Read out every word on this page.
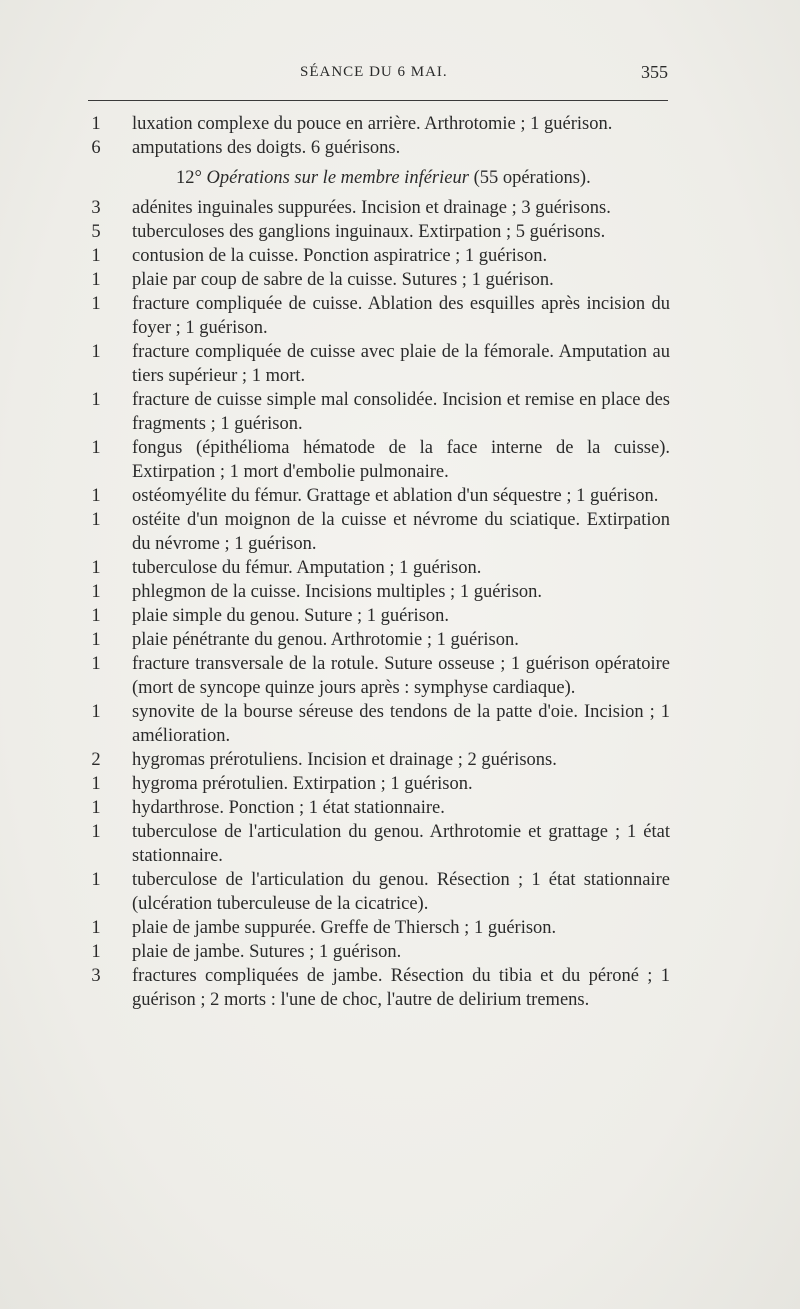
SÉANCE DU 6 MAI.	355

1 luxation complexe du pouce en arrière. Arthrotomie ; 1 guérison.

6 amputations des doigts. 6 guérisons.

12° Opérations sur le membre inférieur (55 opérations).

3 adénites inguinales suppurées. Incision et drainage ; 3 guérisons.

5 tuberculoses des ganglions inguinaux. Extirpation ; 5 guérisons.

1 contusion de la cuisse. Ponction aspiratrice ; 1 guérison.

1 plaie par coup de sabre de la cuisse. Sutures ; 1 guérison.

1 fracture compliquée de cuisse. Ablation des esquilles après incision du foyer ; 1 guérison.

1 fracture compliquée de cuisse avec plaie de la fémorale. Amputation au tiers supérieur ; 1 mort.

1 fracture de cuisse simple mal consolidée. Incision et remise en place des fragments ; 1 guérison.

1 fongus (épithélioma hématode de la face interne de la cuisse). Extirpation ; 1 mort d'embolie pulmonaire.

1 ostéomyélite du fémur. Grattage et ablation d'un séquestre ; 1 guérison.

1 ostéite d'un moignon de la cuisse et névrome du sciatique. Extirpation du névrome ; 1 guérison.

1 tuberculose du fémur. Amputation ; 1 guérison.

1 phlegmon de la cuisse. Incisions multiples ; 1 guérison.

1 plaie simple du genou. Suture ; 1 guérison.

1 plaie pénétrante du genou. Arthrotomie ; 1 guérison.

1 fracture transversale de la rotule. Suture osseuse ; 1 guérison opératoire (mort de syncope quinze jours après : symphyse cardiaque).

1 synovite de la bourse séreuse des tendons de la patte d'oie. Incision ; 1 amélioration.

2 hygromas prérotuliens. Incision et drainage ; 2 guérisons.

1 hygroma prérotulien. Extirpation ; 1 guérison.

1 hydarthrose. Ponction ; 1 état stationnaire.

1 tuberculose de l'articulation du genou. Arthrotomie et grattage ; 1 état stationnaire.

1 tuberculose de l'articulation du genou. Résection ; 1 état stationnaire (ulcération tuberculeuse de la cicatrice).

1 plaie de jambe suppurée. Greffe de Thiersch ; 1 guérison.

1 plaie de jambe. Sutures ; 1 guérison.

3 fractures compliquées de jambe. Résection du tibia et du péroné ; 1 guérison ; 2 morts : l'une de choc, l'autre de delirium tremens.
